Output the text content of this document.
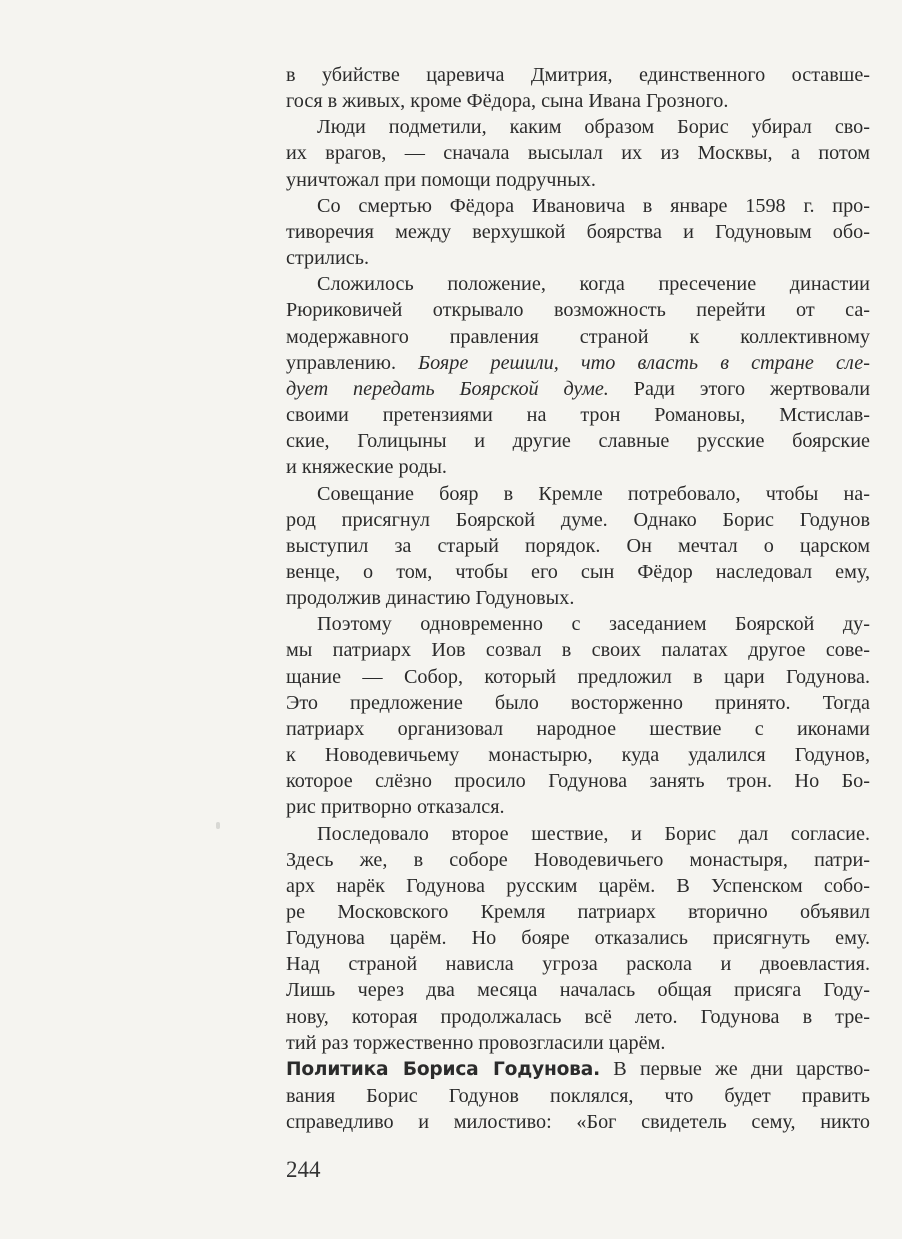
в убийстве царевича Дмитрия, единственного оставше-
гося в живых, кроме Фёдора, сына Ивана Грозного.

Люди подметили, каким образом Борис убирал сво-
их врагов, — сначала высылал их из Москвы, а потом
уничтожал при помощи подручных.

Со смертью Фёдора Ивановича в январе 1598 г. про-
тиворечия между верхушкой боярства и Годуновым обо-
стрились.

Сложилось положение, когда пресечение династии
Рюриковичей открывало возможность перейти от са-
модержавного правления страной к коллективному
управлению. Бояре решили, что власть в стране сле-
дует передать Боярской думе. Ради этого жертвовали
своими претензиями на трон Романовы, Мстислав-
ские, Голицыны и другие славные русские боярские
и княжеские роды.

Совещание бояр в Кремле потребовало, чтобы на-
род присягнул Боярской думе. Однако Борис Годунов
выступил за старый порядок. Он мечтал о царском
венце, о том, чтобы его сын Фёдор наследовал ему,
продолжив династию Годуновых.

Поэтому одновременно с заседанием Боярской ду-
мы патриарх Иов созвал в своих палатах другое сове-
щание — Собор, который предложил в цари Годунова.
Это предложение было восторженно принято. Тогда
патриарх организовал народное шествие с иконами
к Новодевичьему монастырю, куда удалился Годунов,
которое слёзно просило Годунова занять трон. Но Бо-
рис притворно отказался.

Последовало второе шествие, и Борис дал согласие.
Здесь же, в соборе Новодевичьего монастыря, патри-
арх нарёк Годунова русским царём. В Успенском собо-
ре Московского Кремля патриарх вторично объявил
Годунова царём. Но бояре отказались присягнуть ему.
Над страной нависла угроза раскола и двоевластия.
Лишь через два месяца началась общая присяга Году-
нову, которая продолжалась всё лето. Годунова в тре-
тий раз торжественно провозгласили царём.

Политика Бориса Годунова. В первые же дни царство-
вания Борис Годунов поклялся, что будет править
справедливо и милостиво: «Бог свидетель сему, никто

244
